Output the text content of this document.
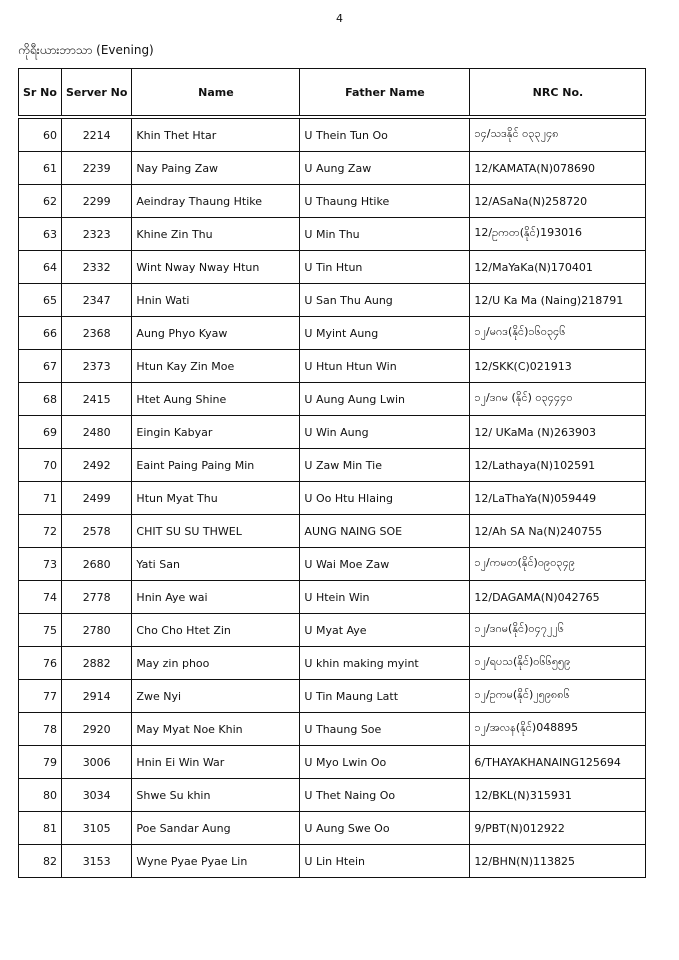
4
ကိုရီးယားဘာသာ (Evening)
Sr No	Server No	Name	Father Name	NRC No.

60	2214	Khin Thet Htar	U Thein Tun Oo	၁၄/သဒနိုင် ၀၃၃၂၄၈
61	2239	Nay Paing Zaw	U Aung Zaw	12/KAMATA(N)078690
62	2299	Aeindray Thaung Htike	U Thaung Htike	12/ASaNa(N)258720
63	2323	Khine Zin Thu	U Min Thu	12/ဥကတ(နိုင်)193016
64	2332	Wint Nway Nway Htun	U Tin Htun	12/MaYaKa(N)170401
65	2347	Hnin Wati	U San Thu Aung	12/U Ka Ma (Naing)218791
66	2368	Aung Phyo Kyaw	U Myint Aung	၁၂/မဂဒ(နိုင်)၁၆၀၃၄၆
67	2373	Htun Kay Zin Moe	U Htun Htun Win	12/SKK(C)021913
68	2415	Htet Aung Shine	U Aung Aung Lwin	၁၂/ဒဂမ (နိုင်) ၀၃၄၄၄၀
69	2480	Eingin Kabyar	U Win Aung	12/ UKaMa (N)263903
70	2492	Eaint Paing Paing Min	U Zaw Min Tie	12/Lathaya(N)102591
71	2499	Htun Myat Thu	U Oo Htu Hlaing	12/LaThaYa(N)059449
72	2578	CHIT SU SU THWEL	AUNG NAING SOE	12/Ah SA Na(N)240755
73	2680	Yati San	U Wai Moe Zaw	၁၂/ကမတ(နိုင်)၀၉၀၃၄၉
74	2778	Hnin Aye wai	U Htein Win	12/DAGAMA(N)042765
75	2780	Cho Cho Htet Zin	U Myat Aye	၁၂/ဒဂမ(နိုင်)၀၄၇၂၂၆
76	2882	May zin phoo	U khin making myint	၁၂/ရပသ(နိုင်)၀၆၆၅၅၉
77	2914	Zwe Nyi	U Tin Maung Latt	၁၂/ဥကမ(နိုင်)၂၅၉၈၈၆
78	2920	May Myat Noe Khin	U Thaung Soe	၁၂/အလန(နိုင်)048895
79	3006	Hnin Ei Win War	U Myo Lwin Oo	6/THAYAKHANAING125694
80	3034	Shwe Su khin	U Thet Naing Oo	12/BKL(N)315931
81	3105	Poe Sandar Aung	U Aung Swe Oo	9/PBT(N)012922
82	3153	Wyne Pyae Pyae Lin	U Lin Htein	12/BHN(N)113825
